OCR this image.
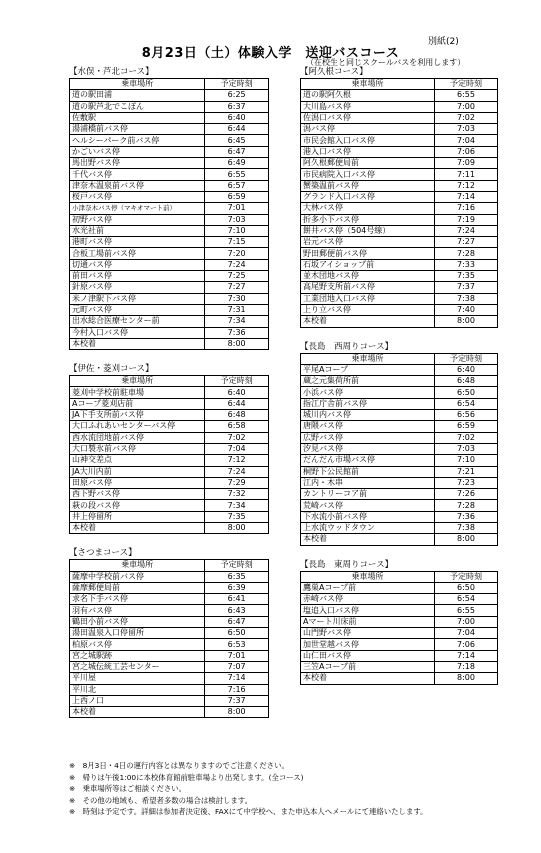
別紙(2)
8月23日（土）体験入学　送迎バスコース
（在校生と同じスクールバスを利用します）
【水俣・芦北コース】
乗車場所	予定時刻
道の駅田浦	6:25
道の駅芦北でこぽん	6:37
佐敷駅	6:40
湯浦橋前バス停	6:44
ヘルシーパーク前バス停	6:45
かごいバス停	6:47
馬出野バス停	6:49
千代バス停	6:55
津奈木温泉前バス停	6:57
桜戸バス停	6:59
小津奈木バス停（マキオマート前）	7:01
初野バス停	7:03
水光社前	7:10
港町バス停	7:15
合板工場前バス停	7:20
切通バス停	7:24
前田バス停	7:25
針原バス停	7:27
米ノ津駅下バス停	7:30
元町バス停	7:31
出水総合医療センター前	7:34
今村入口バス停	7:36
本校着	8:00
【伊佐・菱刈コース】
乗車場所	予定時刻
菱刈中学校前駐車場	6:40
Aコープ菱刈店前	6:44
JA下手支所前バス停	6:48
大口ふれあいセンターバス停	6:58
西水流団地前バス停	7:02
大口製氷前バス停	7:04
山神交差点	7:12
JA大川内前	7:24
田原バス停	7:29
西下野バス停	7:32
萩の段バス停	7:34
井上停留所	7:35
本校着	8:00
【さつまコース】
乗車場所	予定時刻
薩摩中学校前バス停	6:35
薩摩郵便局前	6:39
求名下手バス停	6:41
羽有バス停	6:43
鶴田小前バス停	6:47
湯田温泉入口停留所	6:50
柏原バス停	6:53
宮之城駅跡	7:01
宮之城伝統工芸センター	7:07
平川屋	7:14
平川北	7:16
上西ノ口	7:37
本校着	8:00
【阿久根コース】
乗車場所	予定時刻
道の駅阿久根	6:55
大川島バス停	7:00
佐潟口バス停	7:02
潟バス停	7:03
市民会館入口バス停	7:04
港入口バス停	7:06
阿久根郵便局前	7:09
市民病院入口バス停	7:11
蟹築温前バス停	7:12
グランド入口バス停	7:14
大林バス停	7:16
折多小下バス停	7:19
餅井バス停（504号線）	7:24
岩元バス停	7:27
野田郵便前バス停	7:28
石坂アイショップ前	7:33
並木団地バス停	7:35
高尾野支所前バス停	7:37
工業団地入口バス停	7:38
上り立バス停	7:40
本校着	8:00
【長島　西周りコース】
乗車場所	予定時刻
平尾Aコープ	6:40
蔵之元集荷所前	6:48
小浜バス停	6:50
指江庁舎前バス停	6:54
城川内バス停	6:56
唐隈バス停	6:59
広野バス停	7:02
汐見バス停	7:03
だんだん市場バス停	7:10
桐野下公民館前	7:21
江内・木串	7:23
カントリーコア前	7:26
荒崎バス停	7:28
下水流小前バス停	7:36
上水流ウッドタウン	7:38
本校着	8:00
【長島　東周りコース】
乗車場所	予定時刻
鷹巣Aコープ前	6:50
赤崎バス停	6:54
塩追入口バス停	6:55
Aマート川床前	7:00
山門野バス停	7:04
加世堂越バス停	7:06
山仁田バス停	7:14
三笠Aコープ前	7:18
本校着	8:00
※　8月3日・4日の運行内容とは異なりますのでご注意ください。
※　帰りは午後1:00に本校体育館前駐車場より出発します。(全コース)
※　乗車場所等はご相談ください。
※　その他の地域も、希望者多数の場合は検討します。
※　時刻は予定です。詳細は参加者決定後、FAXにて中学校へ、また申込本人へメールにて連絡いたします。
